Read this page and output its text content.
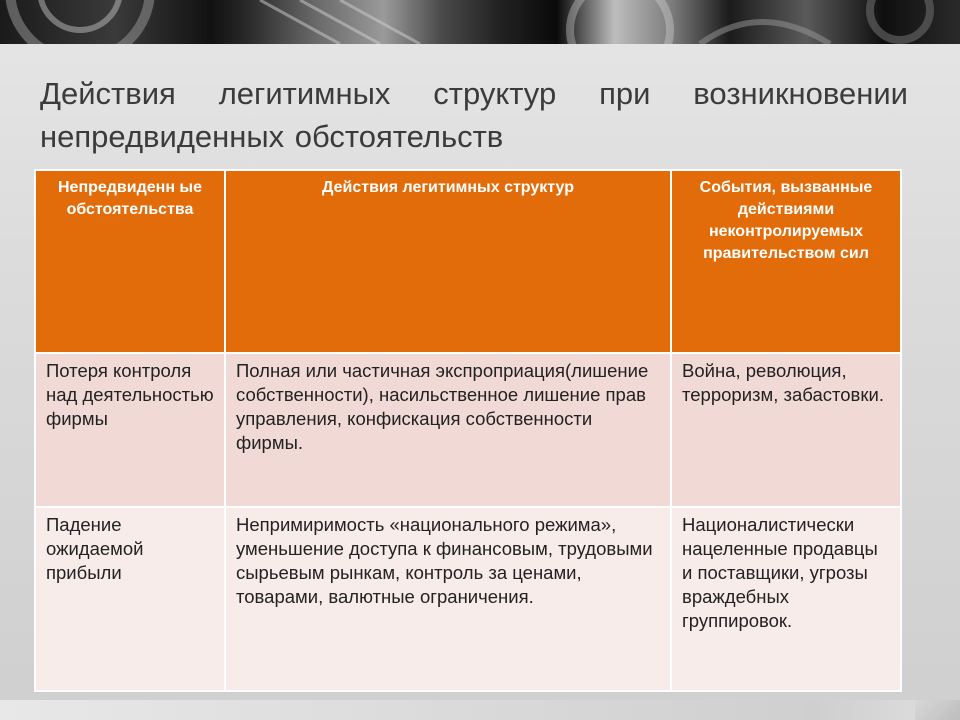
Действия легитимных структур при возникновении непредвиденных обстоятельств
Непредвиденн ые обстоятельства	Действия легитимных структур	События, вызванные действиями неконтролируемых правительством сил
Потеря контроля над деятельностью фирмы	Полная или частичная экспроприация(лишение собственности), насильственное лишение прав управления, конфискация собственности фирмы.	Война, революция, терроризм, забастовки.
Падение ожидаемой прибыли	Непримиримость «национального режима», уменьшение доступа к финансовым, трудовыми сырьевым рынкам, контроль за ценами, товарами, валютные ограничения.	Националистически нацеленные продавцы и поставщики, угрозы враждебных группировок.
